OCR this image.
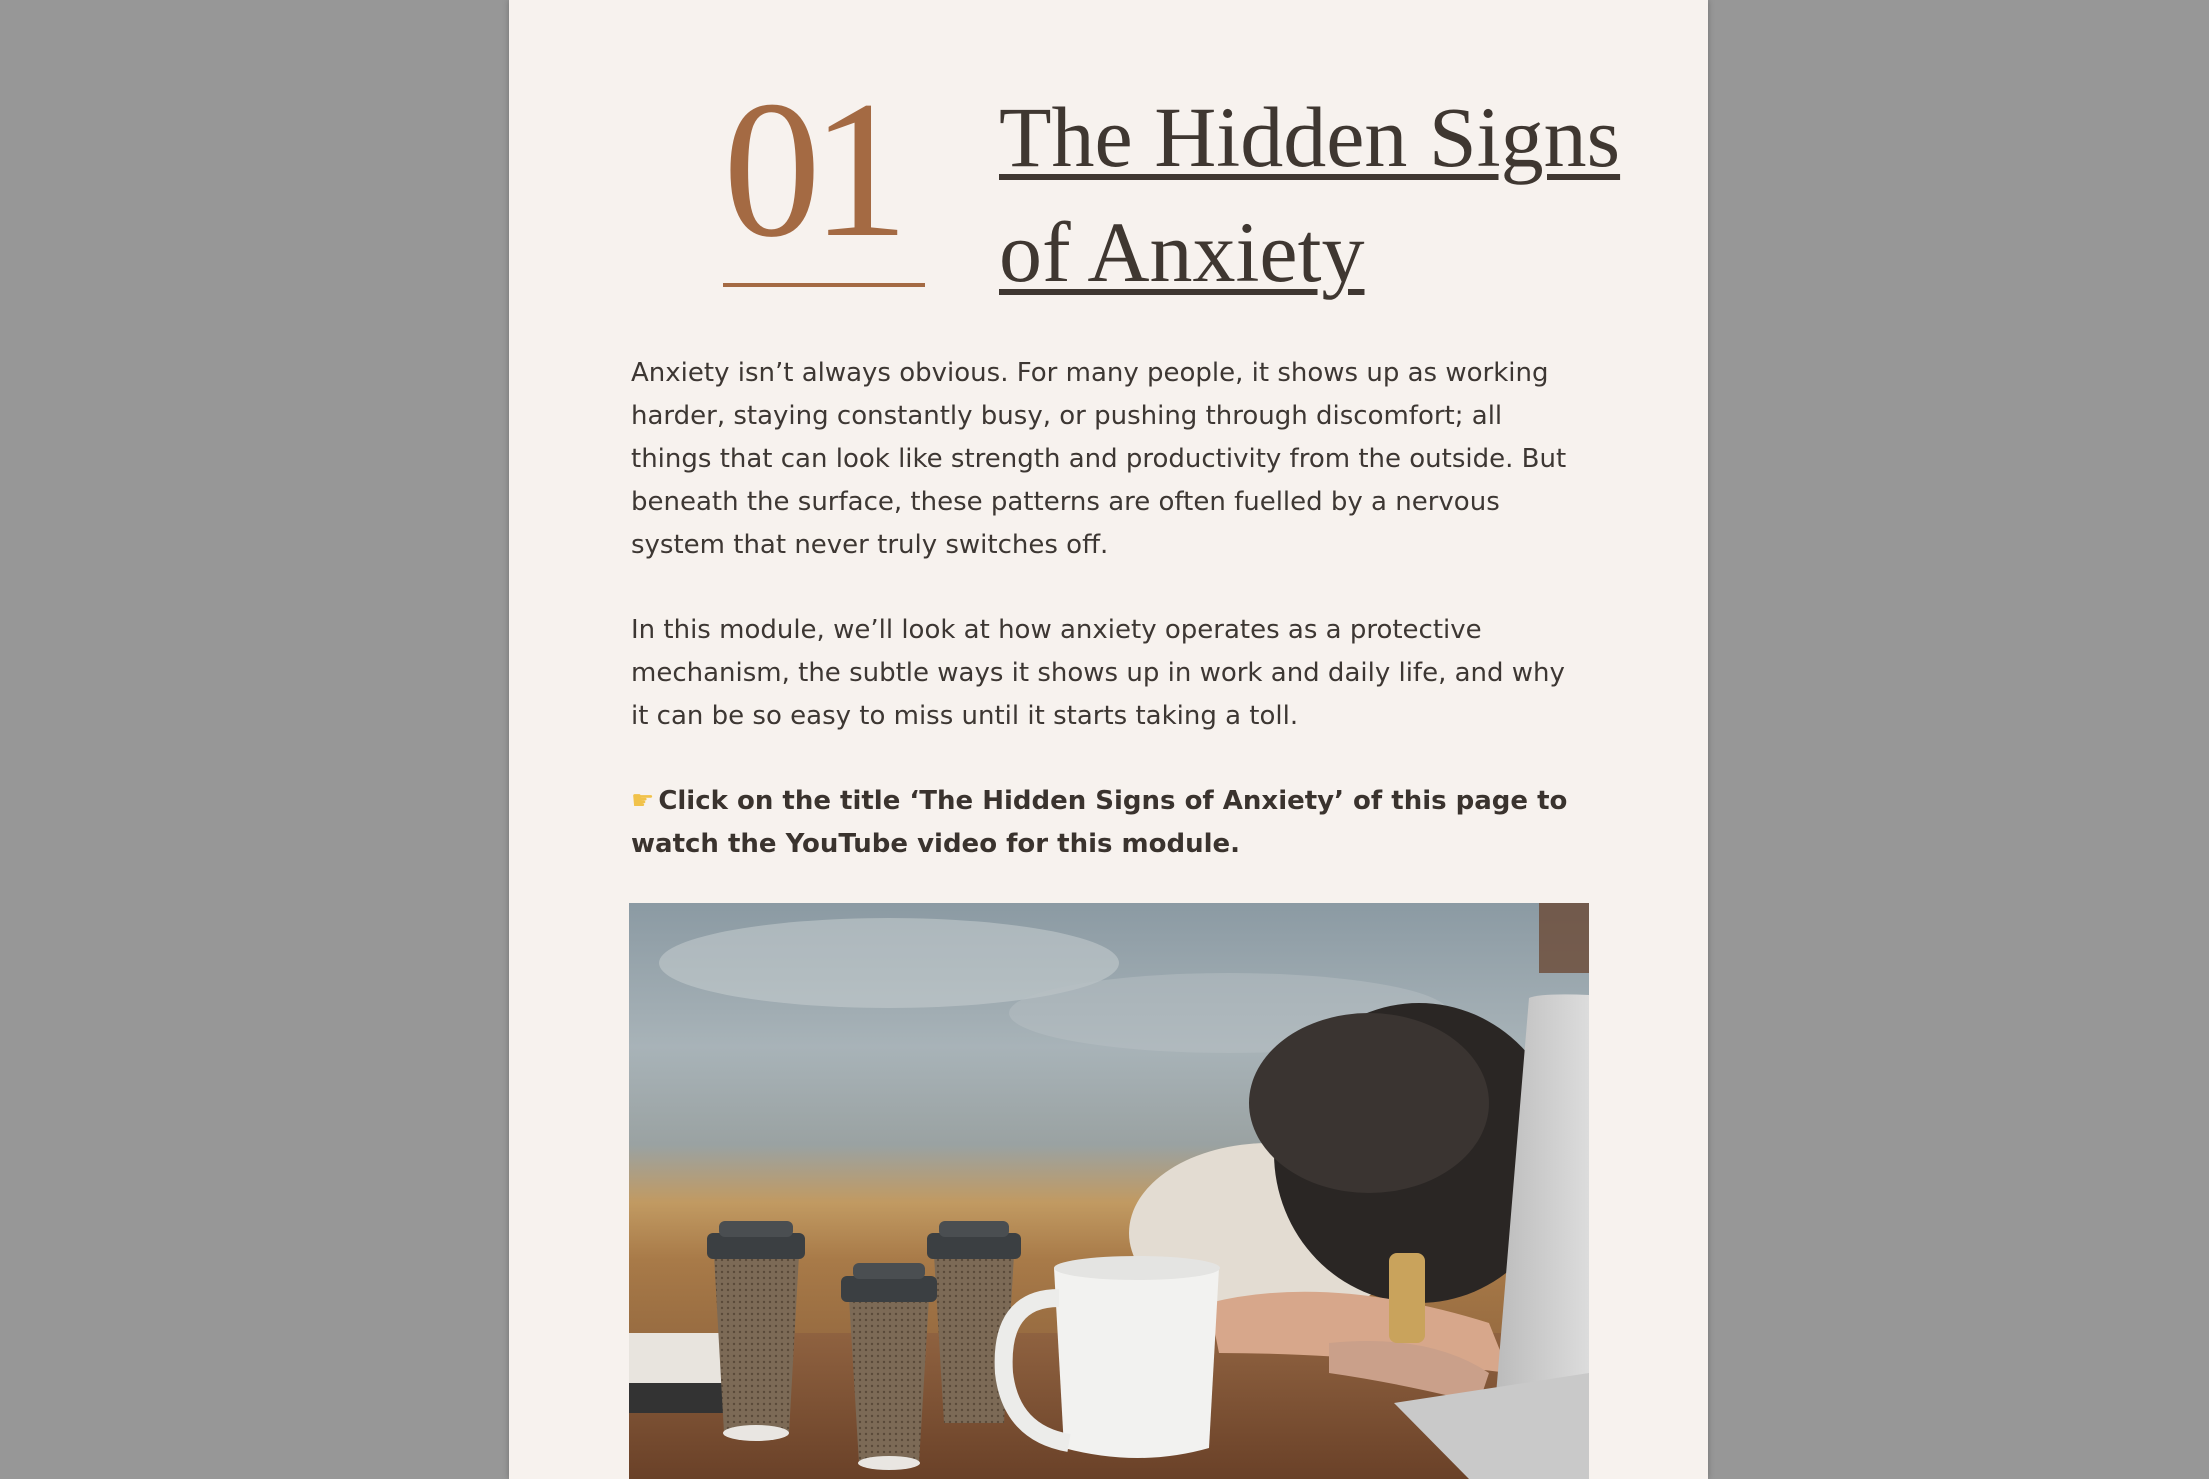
01	The Hidden Signs of Anxiety

Anxiety isn’t always obvious. For many people, it shows up as working harder, staying constantly busy, or pushing through discomfort; all things that can look like strength and productivity from the outside. But beneath the surface, these patterns are often fuelled by a nervous system that never truly switches off.

In this module, we’ll look at how anxiety operates as a protective mechanism, the subtle ways it shows up in work and daily life, and why it can be so easy to miss until it starts taking a toll.

☛ Click on the title ‘The Hidden Signs of Anxiety’ of this page to watch the YouTube video for this module.
